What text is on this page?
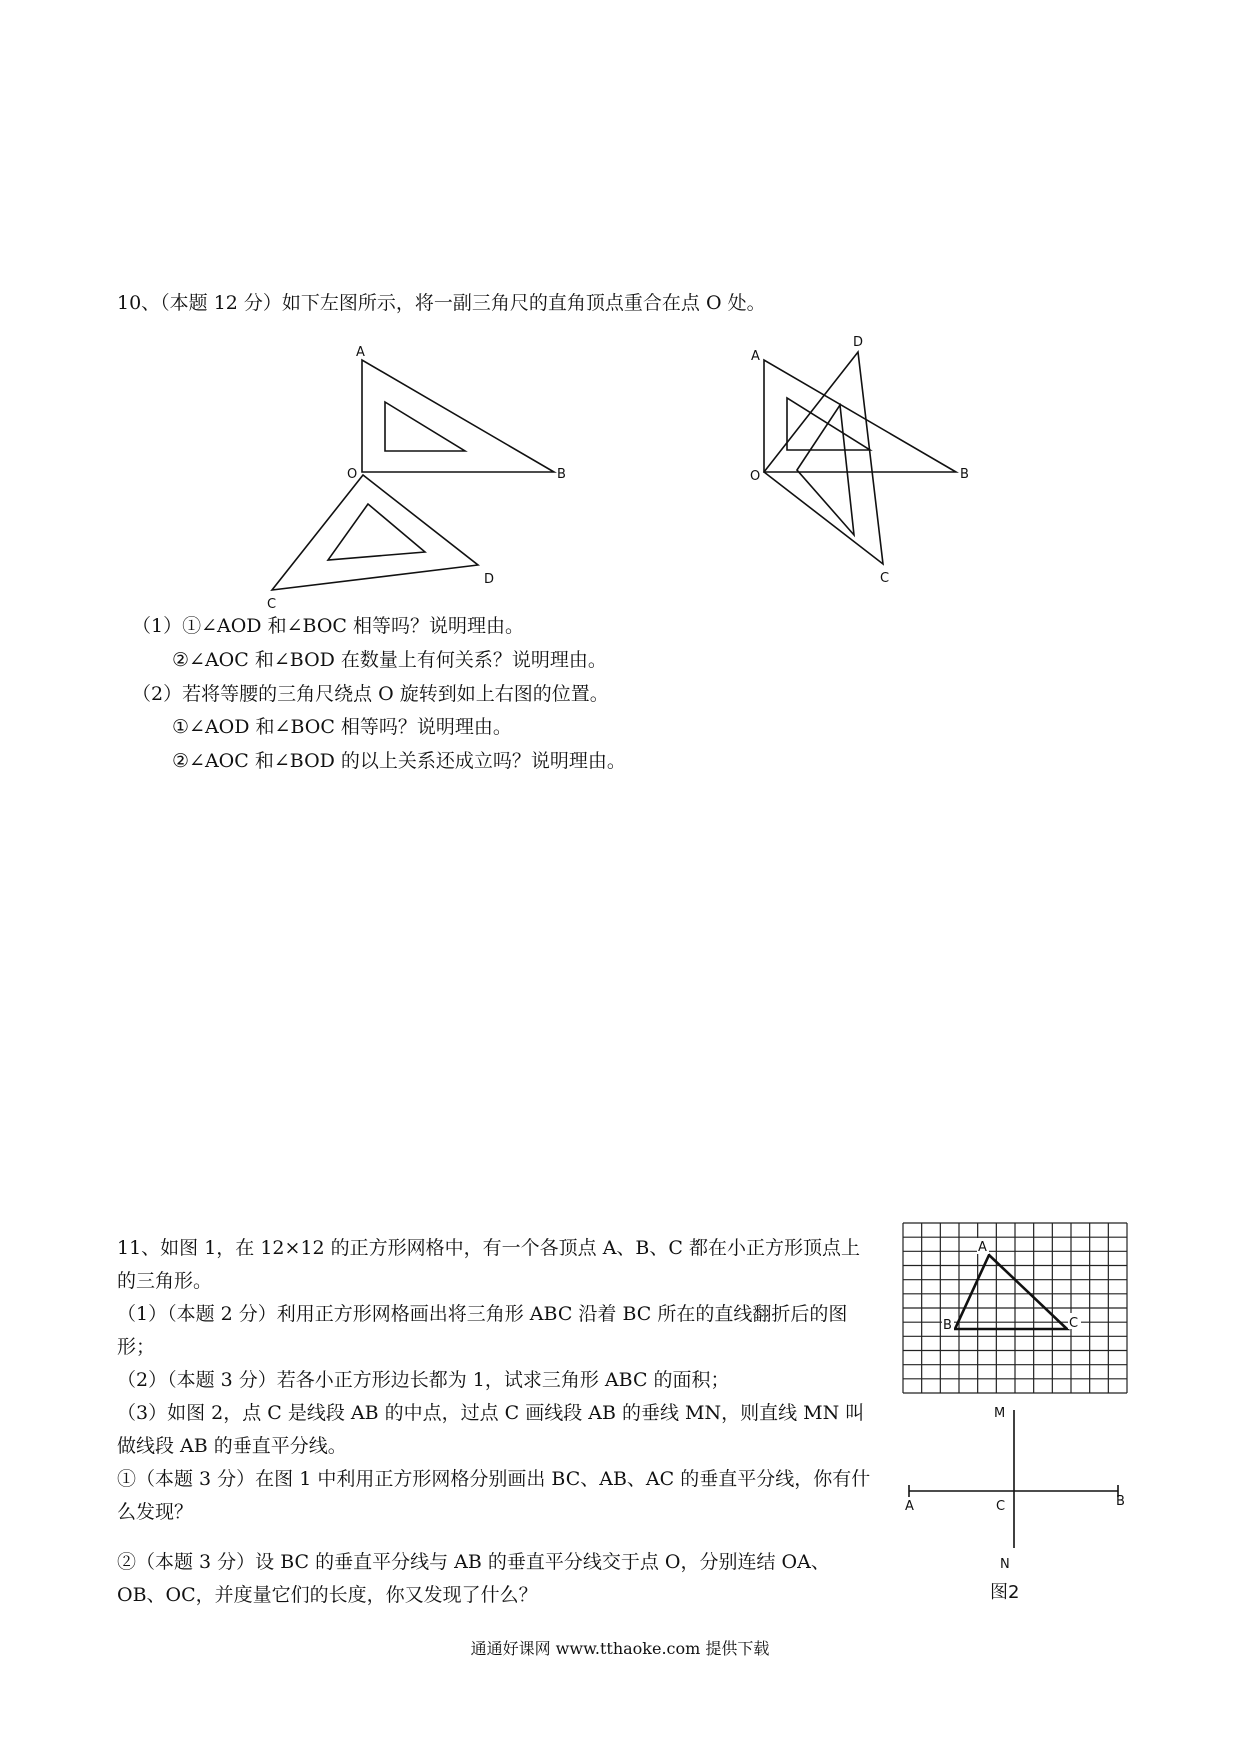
10、（本题 12 分）如下左图所示，将一副三角尺的直角顶点重合在点 O 处。
A
O	B
C
D
A
D
O	B
C
（1）①∠AOD 和∠BOC 相等吗？说明理由。
②∠AOC 和∠BOD 在数量上有何关系？说明理由。
（2）若将等腰的三角尺绕点 O 旋转到如上右图的位置。
①∠AOD 和∠BOC 相等吗？说明理由。
②∠AOC 和∠BOD 的以上关系还成立吗？说明理由。
11、如图 1，在 12×12 的正方形网格中，有一个各顶点 A、B、C 都在小正方形顶点上的三角形。
（1）（本题 2 分）利用正方形网格画出将三角形 ABC 沿着 BC 所在的直线翻折后的图形；
（2）（本题 3 分）若各小正方形边长都为 1，试求三角形 ABC 的面积；
（3）如图 2，点 C 是线段 AB 的中点，过点 C 画线段 AB 的垂线 MN，则直线 MN 叫做线段 AB 的垂直平分线。
①（本题 3 分）在图 1 中利用正方形网格分别画出 BC、AB、AC 的垂直平分线，你有什么发现？
②（本题 3 分）设 BC 的垂直平分线与 AB 的垂直平分线交于点 O，分别连结 OA、OB、OC，并度量它们的长度，你又发现了什么？
A
B	C
M
A	C	B
N
图2
通通好课网 www.tthaoke.com 提供下载
